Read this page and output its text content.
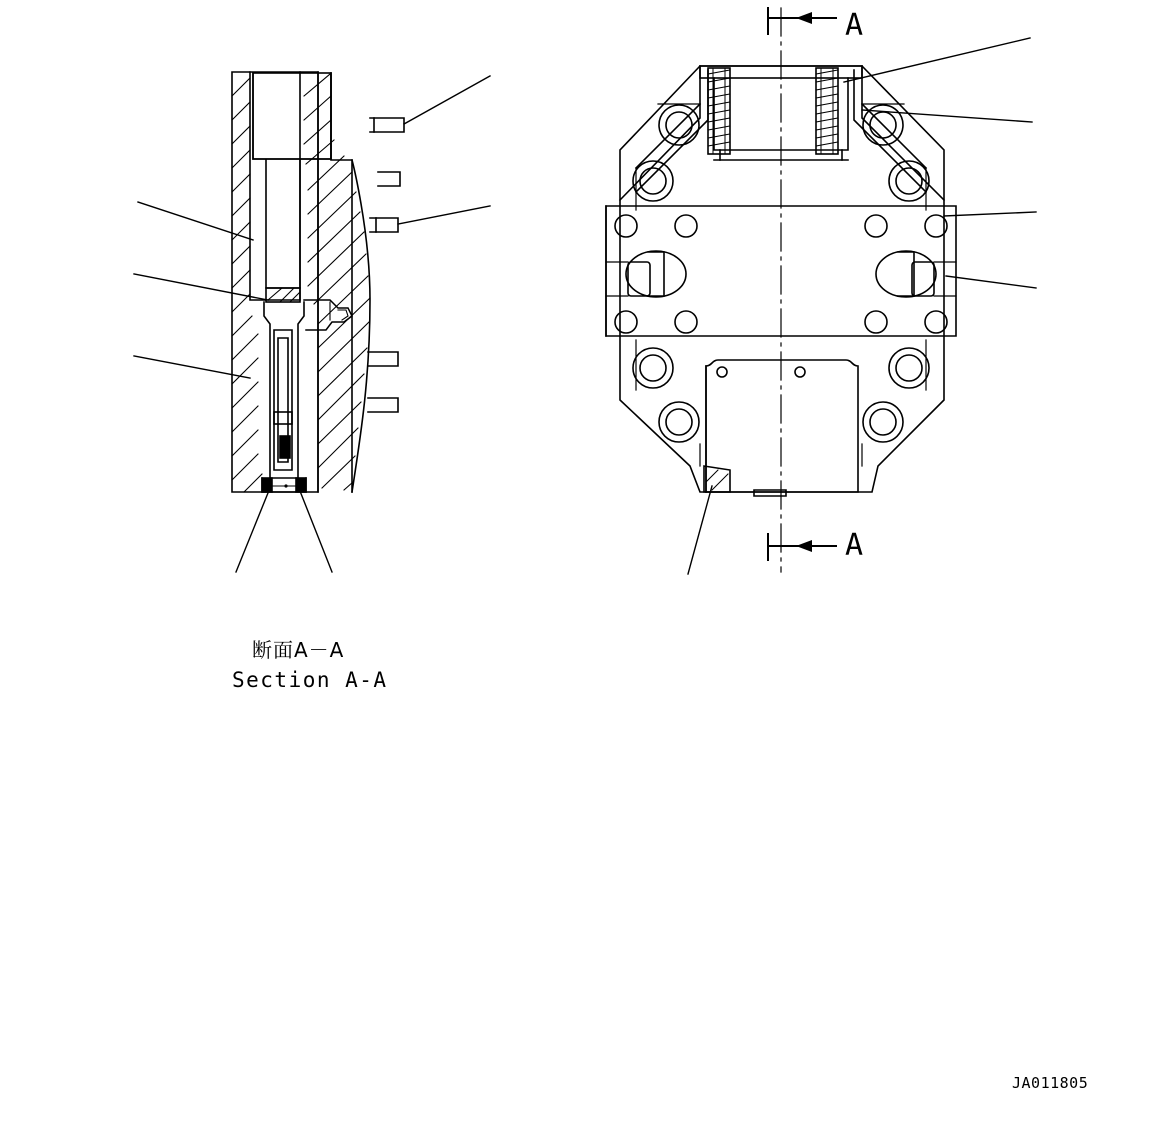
A
A
断面A－A
Section A-A
JA011805
